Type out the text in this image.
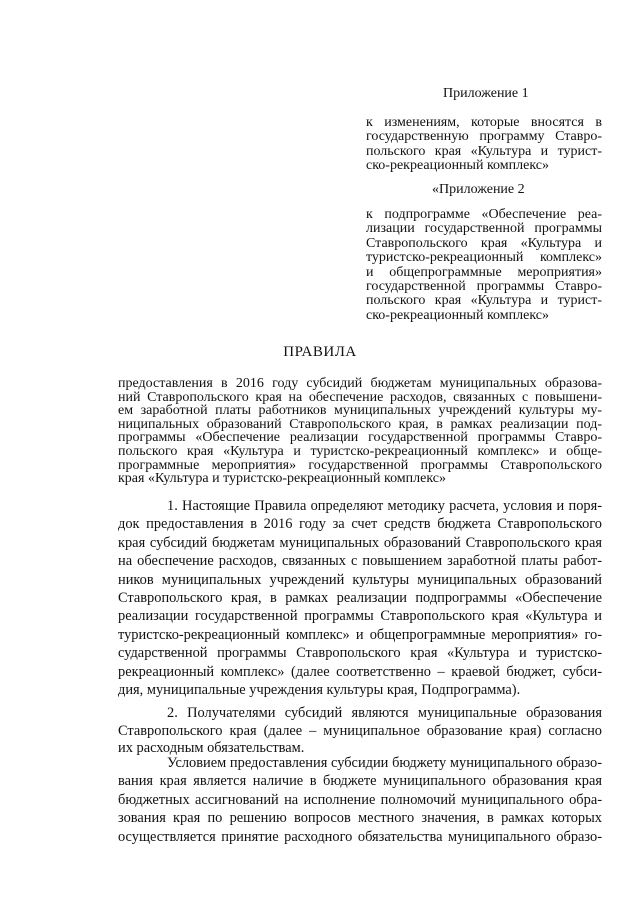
Приложение 1

к изменениям, которые вносятся в
государственную программу Ставро-
польского края «Культура и турист-
ско-рекреационный комплекс»

«Приложение 2

к подпрограмме «Обеспечение реа-
лизации государственной программы
Ставропольского края «Культура и
туристско-рекреационный комплекс»
и общепрограммные мероприятия»
государственной программы Ставро-
польского края «Культура и турист-
ско-рекреационный комплекс»

ПРАВИЛА

предоставления в 2016 году субсидий бюджетам муниципальных образова-
ний Ставропольского края на обеспечение расходов, связанных с повышени-
ем заработной платы работников муниципальных учреждений культуры му-
ниципальных образований Ставропольского края, в рамках реализации под-
программы «Обеспечение реализации государственной программы Ставро-
польского края «Культура и туристско-рекреационный комплекс» и обще-
программные мероприятия» государственной программы Ставропольского
края «Культура и туристско-рекреационный комплекс»

1. Настоящие Правила определяют методику расчета, условия и поря-
док предоставления в 2016 году за счет средств бюджета Ставропольского
края субсидий бюджетам муниципальных образований Ставропольского края
на обеспечение расходов, связанных с повышением заработной платы работ-
ников муниципальных учреждений культуры муниципальных образований
Ставропольского края, в рамках реализации подпрограммы «Обеспечение
реализации государственной программы Ставропольского края «Культура и
туристско-рекреационный комплекс» и общепрограммные мероприятия» го-
сударственной программы Ставропольского края «Культура и туристско-
рекреационный комплекс» (далее соответственно – краевой бюджет, субси-
дия, муниципальные учреждения культуры края, Подпрограмма).

2. Получателями субсидий являются муниципальные образования
Ставропольского края (далее – муниципальное образование края) согласно
их расходным обязательствам.

Условием предоставления субсидии бюджету муниципального образо-
вания края является наличие в бюджете муниципального образования края
бюджетных ассигнований на исполнение полномочий муниципального обра-
зования края по решению вопросов местного значения, в рамках которых
осуществляется принятие расходного обязательства муниципального образо-
